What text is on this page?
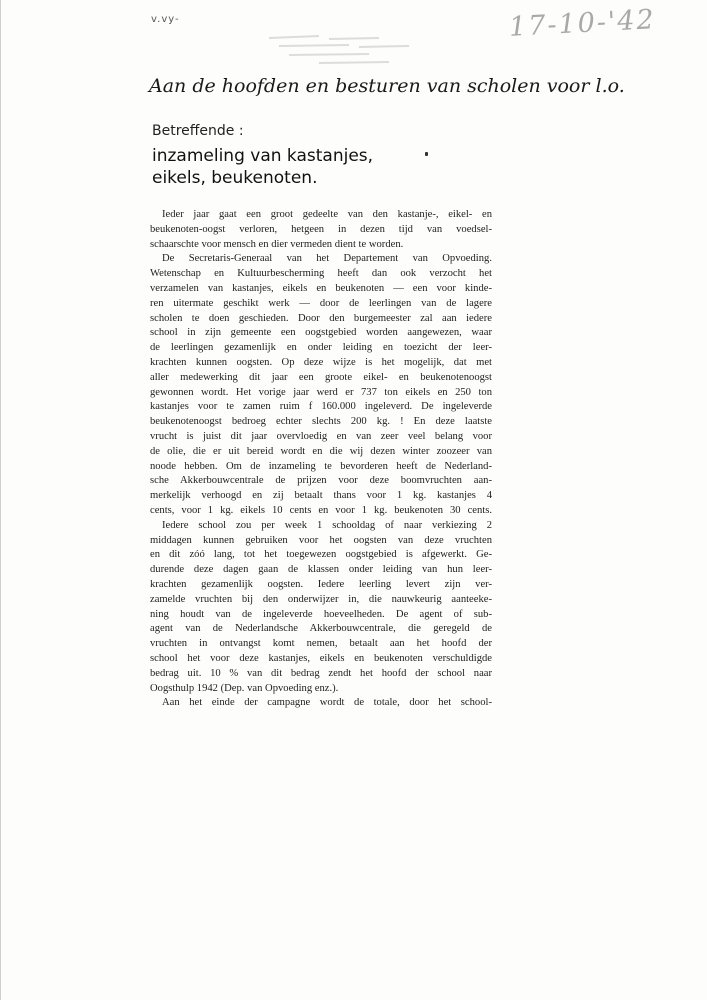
v.vy-	17-10-'42
Aan de hoofden en besturen van scholen voor l.o.
Betreffende :
inzameling van kastanjes,
eikels, beukenoten.
Ieder jaar gaat een groot gedeelte van den kastanje-, eikel- en
beukenoten-oogst verloren, hetgeen in dezen tijd van voedsel-
schaarschte voor mensch en dier vermeden dient te worden.
De Secretaris-Generaal van het Departement van Opvoeding.
Wetenschap en Kultuurbescherming heeft dan ook verzocht het
verzamelen van kastanjes, eikels en beukenoten — een voor kinde-
ren uitermate geschikt werk — door de leerlingen van de lagere
scholen te doen geschieden. Door den burgemeester zal aan iedere
school in zijn gemeente een oogstgebied worden aangewezen, waar
de leerlingen gezamenlijk en onder leiding en toezicht der leer-
krachten kunnen oogsten. Op deze wijze is het mogelijk, dat met
aller medewerking dit jaar een groote eikel- en beukenotenoogst
gewonnen wordt. Het vorige jaar werd er 737 ton eikels en 250 ton
kastanjes voor te zamen ruim f 160.000 ingeleverd. De ingeleverde
beukenotenoogst bedroeg echter slechts 200 kg. ! En deze laatste
vrucht is juist dit jaar overvloedig en van zeer veel belang voor
de olie, die er uit bereid wordt en die wij dezen winter zoozeer van
noode hebben. Om de inzameling te bevorderen heeft de Nederland-
sche Akkerbouwcentrale de prijzen voor deze boomvruchten aan-
merkelijk verhoogd en zij betaalt thans voor 1 kg. kastanjes 4
cents, voor 1 kg. eikels 10 cents en voor 1 kg. beukenoten 30 cents.
Iedere school zou per week 1 schooldag of naar verkiezing 2
middagen kunnen gebruiken voor het oogsten van deze vruchten
en dit zóó lang, tot het toegewezen oogstgebied is afgewerkt. Ge-
durende deze dagen gaan de klassen onder leiding van hun leer-
krachten gezamenlijk oogsten. Iedere leerling levert zijn ver-
zamelde vruchten bij den onderwijzer in, die nauwkeurig aanteeke-
ning houdt van de ingeleverde hoeveelheden. De agent of sub-
agent van de Nederlandsche Akkerbouwcentrale, die geregeld de
vruchten in ontvangst komt nemen, betaalt aan het hoofd der
school het voor deze kastanjes, eikels en beukenoten verschuldigde
bedrag uit. 10 % van dit bedrag zendt het hoofd der school naar
Oogsthulp 1942 (Dep. van Opvoeding enz.).
Aan het einde der campagne wordt de totale, door het school-
